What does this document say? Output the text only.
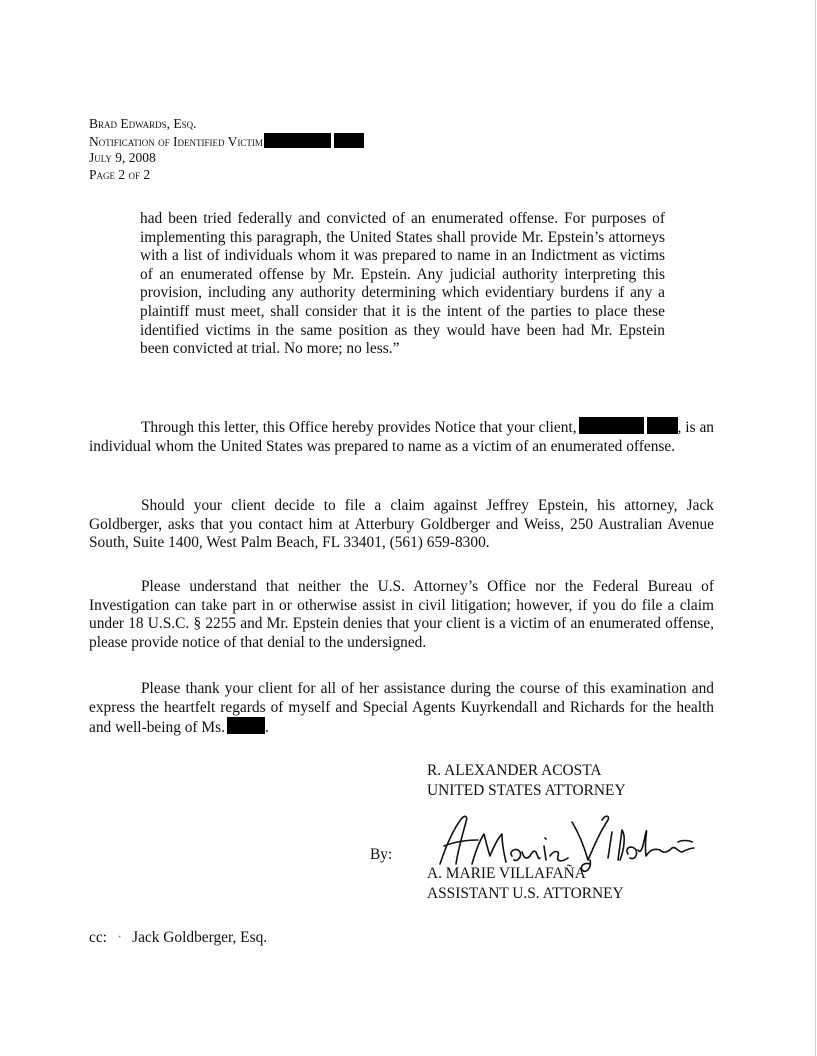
Brad Edwards, Esq.
Notification of Identified Victim
July 9, 2008
Page 2 of 2
had been tried federally and convicted of an enumerated offense. For purposes of implementing this paragraph, the United States shall provide Mr. Epstein’s attorneys with a list of individuals whom it was prepared to name in an Indictment as victims of an enumerated offense by Mr. Epstein. Any judicial authority interpreting this provision, including any authority determining which evidentiary burdens if any a plaintiff must meet, shall consider that it is the intent of the parties to place these identified victims in the same position as they would have been had Mr. Epstein been convicted at trial. No more; no less.”
Through this letter, this Office hereby provides Notice that your client,	, is an individual whom the United States was prepared to name as a victim of an enumerated offense.
Should your client decide to file a claim against Jeffrey Epstein, his attorney, Jack Goldberger, asks that you contact him at Atterbury Goldberger and Weiss, 250 Australian Avenue South, Suite 1400, West Palm Beach, FL 33401, (561) 659-8300.
Please understand that neither the U.S. Attorney’s Office nor the Federal Bureau of Investigation can take part in or otherwise assist in civil litigation; however, if you do file a claim under 18 U.S.C. § 2255 and Mr. Epstein denies that your client is a victim of an enumerated offense, please provide notice of that denial to the undersigned.
Please thank your client for all of her assistance during the course of this examination and express the heartfelt regards of myself and Special Agents Kuyrkendall and Richards for the health and well-being of Ms.	.
R. ALEXANDER ACOSTA
UNITED STATES ATTORNEY
By:
A. MARIE VILLAFAÑA
ASSISTANT U.S. ATTORNEY
cc: · Jack Goldberger, Esq.
